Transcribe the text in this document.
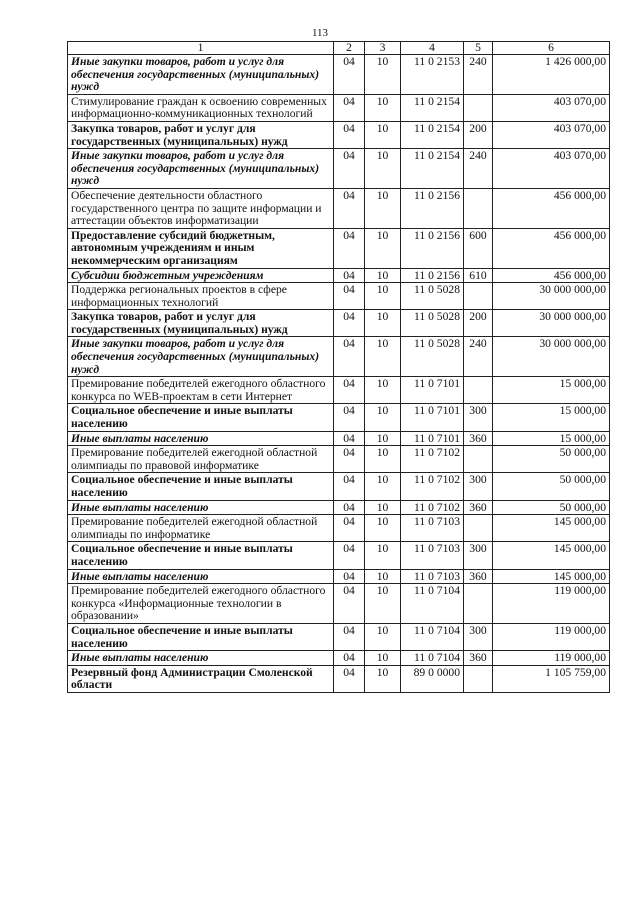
113
1	2	3	4	5	6
Иные закупки товаров, работ и услуг для обеспечения государственных (муниципальных) нужд	04	10	11 0 2153	240	1 426 000,00
Стимулирование граждан к освоению современных информационно-коммуникационных технологий	04	10	11 0 2154		403 070,00
Закупка товаров, работ и услуг для государственных (муниципальных) нужд	04	10	11 0 2154	200	403 070,00
Иные закупки товаров, работ и услуг для обеспечения государственных (муниципальных) нужд	04	10	11 0 2154	240	403 070,00
Обеспечение деятельности областного государственного центра по защите информации и аттестации объектов информатизации	04	10	11 0 2156		456 000,00
Предоставление субсидий бюджетным, автономным учреждениям и иным некоммерческим организациям	04	10	11 0 2156	600	456 000,00
Субсидии бюджетным учреждениям	04	10	11 0 2156	610	456 000,00
Поддержка региональных проектов в сфере информационных технологий	04	10	11 0 5028		30 000 000,00
Закупка товаров, работ и услуг для государственных (муниципальных) нужд	04	10	11 0 5028	200	30 000 000,00
Иные закупки товаров, работ и услуг для обеспечения государственных (муниципальных) нужд	04	10	11 0 5028	240	30 000 000,00
Премирование победителей ежегодного областного конкурса по WEB-проектам в сети Интернет	04	10	11 0 7101		15 000,00
Социальное обеспечение и иные выплаты населению	04	10	11 0 7101	300	15 000,00
Иные выплаты населению	04	10	11 0 7101	360	15 000,00
Премирование победителей ежегодной областной олимпиады по правовой информатике	04	10	11 0 7102		50 000,00
Социальное обеспечение и иные выплаты населению	04	10	11 0 7102	300	50 000,00
Иные выплаты населению	04	10	11 0 7102	360	50 000,00
Премирование победителей ежегодной областной олимпиады по информатике	04	10	11 0 7103		145 000,00
Социальное обеспечение и иные выплаты населению	04	10	11 0 7103	300	145 000,00
Иные выплаты населению	04	10	11 0 7103	360	145 000,00
Премирование победителей ежегодного областного конкурса «Информационные технологии в образовании»	04	10	11 0 7104		119 000,00
Социальное обеспечение и иные выплаты населению	04	10	11 0 7104	300	119 000,00
Иные выплаты населению	04	10	11 0 7104	360	119 000,00
Резервный фонд Администрации Смоленской области	04	10	89 0 0000		1 105 759,00
